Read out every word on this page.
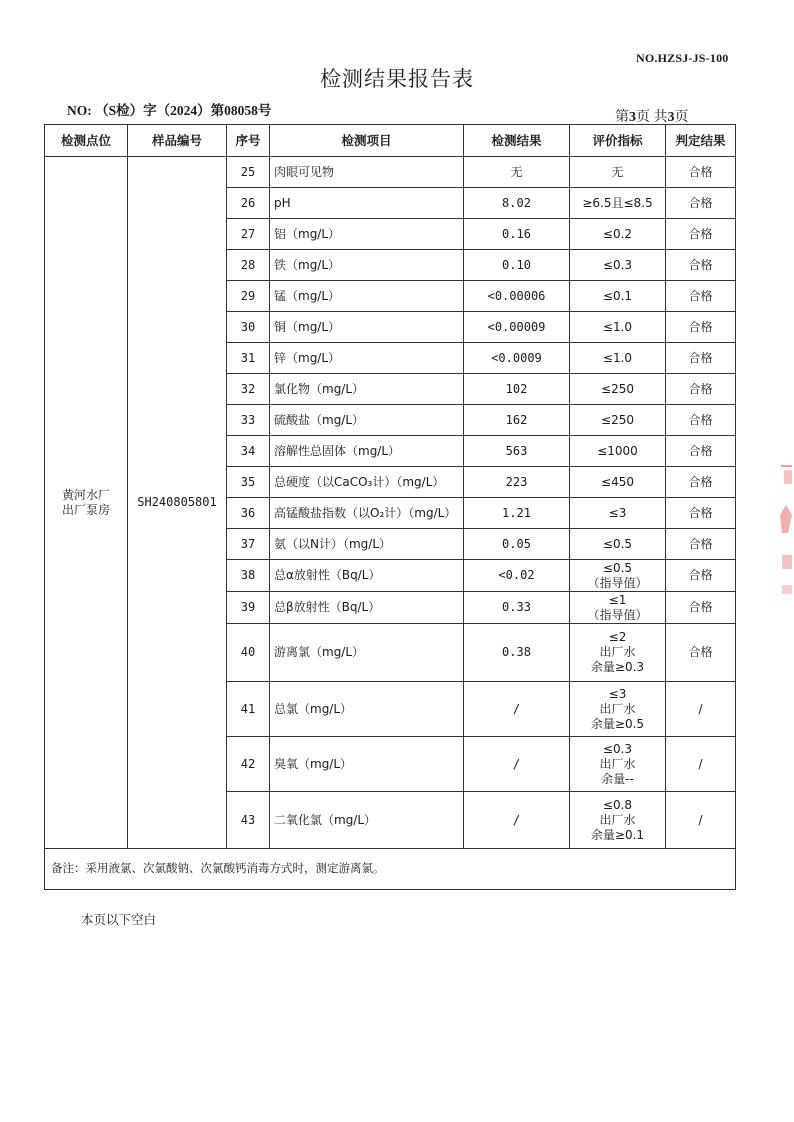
NO.HZSJ-JS-100
检测结果报告表
NO: （S检）字（2024）第08058号	第3页 共3页
检测点位	样品编号	序号	检测项目	检测结果	评价指标	判定结果

黄河水厂
出厂泵房	SH240805801	25	肉眼可见物	无	无	合格
		26	pH	8.02	≥6.5且≤8.5	合格
		27	铝（mg/L）	0.16	≤0.2	合格
		28	铁（mg/L）	0.10	≤0.3	合格
		29	锰（mg/L）	<0.00006	≤0.1	合格
		30	铜（mg/L）	<0.00009	≤1.0	合格
		31	锌（mg/L）	<0.0009	≤1.0	合格
		32	氯化物（mg/L）	102	≤250	合格
		33	硫酸盐（mg/L）	162	≤250	合格
		34	溶解性总固体（mg/L）	563	≤1000	合格
		35	总硬度（以CaCO₃计）（mg/L）	223	≤450	合格
		36	高锰酸盐指数（以O₂计）（mg/L）	1.21	≤3	合格
		37	氨（以N计）（mg/L）	0.05	≤0.5	合格
		38	总α放射性（Bq/L）	<0.02	≤0.5
（指导值）	合格
		39	总β放射性（Bq/L）	0.33	≤1
（指导值）	合格
		40	游离氯（mg/L）	0.38	≤2
出厂水
余量≥0.3	合格
		41	总氯（mg/L）	/	≤3
出厂水
余量≥0.5	/
		42	臭氧（mg/L）	/	≤0.3
出厂水
余量--	/
		43	二氧化氯（mg/L）	/	≤0.8
出厂水
余量≥0.1	/
备注：采用液氯、次氯酸钠、次氯酸钙消毒方式时，测定游离氯。						
本页以下空白
